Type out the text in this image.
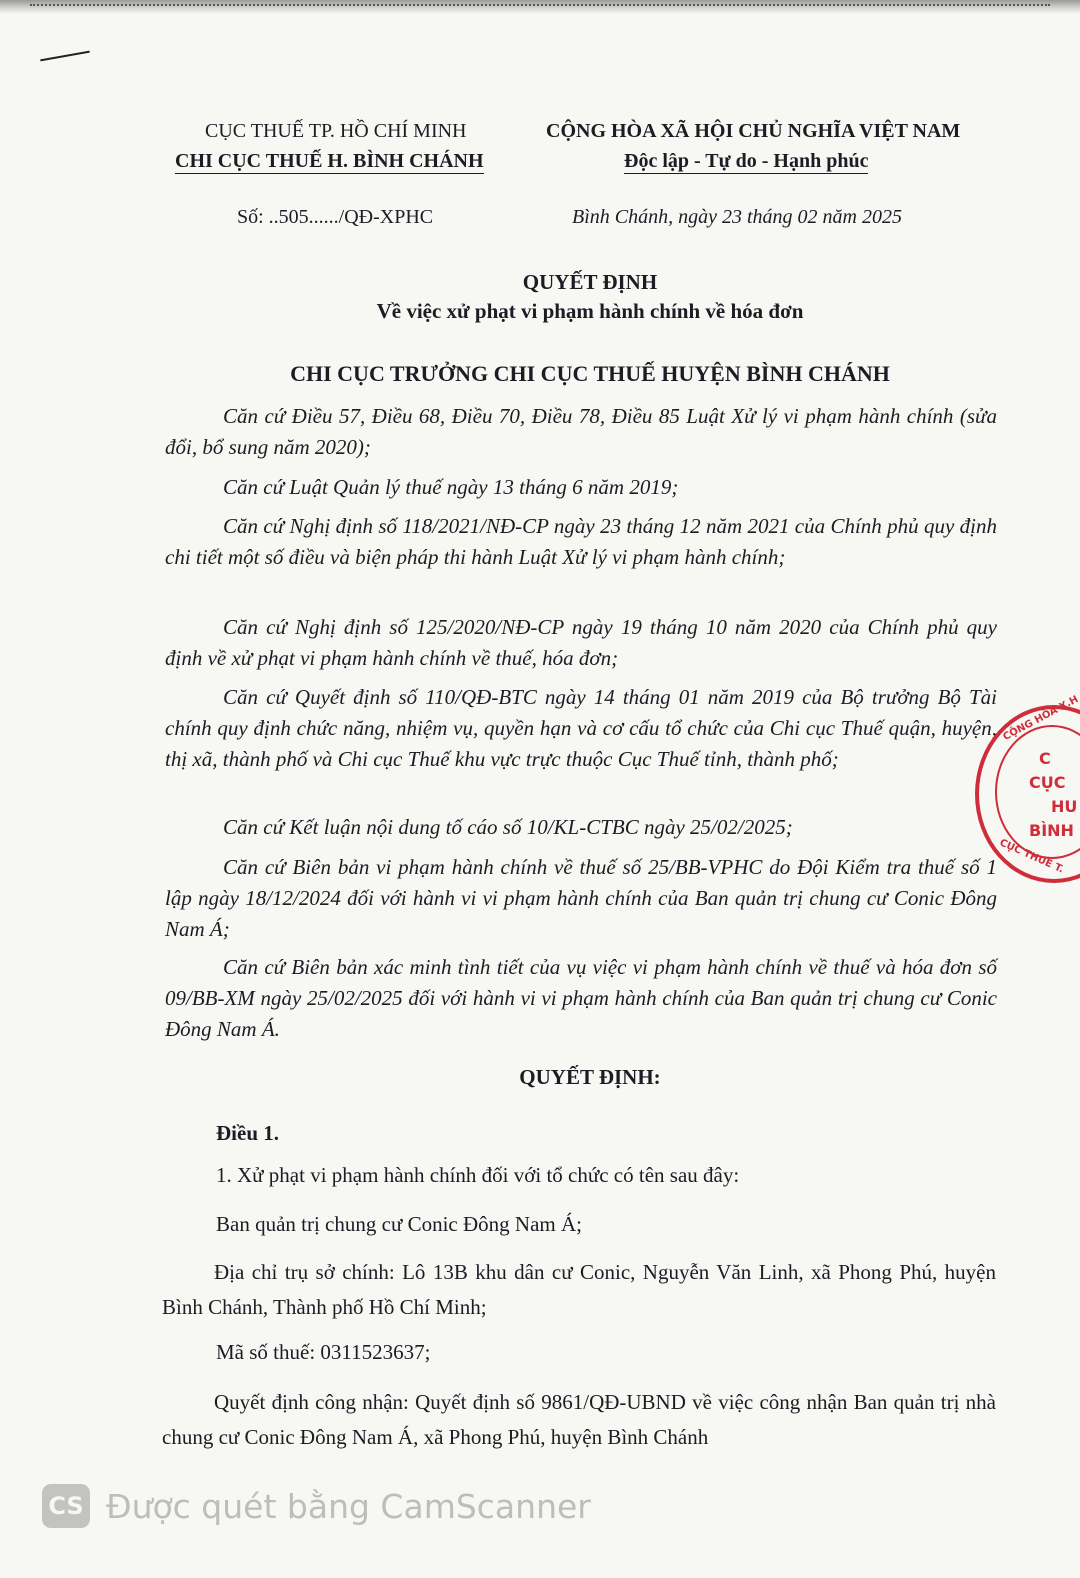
CỤC THUẾ TP. HỒ CHÍ MINH
CHI CỤC THUẾ H. BÌNH CHÁNH
CỘNG HÒA XÃ HỘI CHỦ NGHĨA VIỆT NAM
Độc lập - Tự do - Hạnh phúc
Số: ..505....../QĐ-XPHC	Bình Chánh, ngày 23 tháng 02 năm 2025
QUYẾT ĐỊNH
Về việc xử phạt vi phạm hành chính về hóa đơn
CHI CỤC TRƯỞNG CHI CỤC THUẾ HUYỆN BÌNH CHÁNH
Căn cứ Điều 57, Điều 68, Điều 70, Điều 78, Điều 85 Luật Xử lý vi phạm hành chính (sửa đổi, bổ sung năm 2020);
Căn cứ Luật Quản lý thuế ngày 13 tháng 6 năm 2019;
Căn cứ Nghị định số 118/2021/NĐ-CP ngày 23 tháng 12 năm 2021 của Chính phủ quy định chi tiết một số điều và biện pháp thi hành Luật Xử lý vi phạm hành chính;
Căn cứ Nghị định số 125/2020/NĐ-CP ngày 19 tháng 10 năm 2020 của Chính phủ quy định về xử phạt vi phạm hành chính về thuế, hóa đơn;
Căn cứ Quyết định số 110/QĐ-BTC ngày 14 tháng 01 năm 2019 của Bộ trưởng Bộ Tài chính quy định chức năng, nhiệm vụ, quyền hạn và cơ cấu tổ chức của Chi cục Thuế quận, huyện, thị xã, thành phố và Chi cục Thuế khu vực trực thuộc Cục Thuế tỉnh, thành phố;
Căn cứ Kết luận nội dung tố cáo số 10/KL-CTBC ngày 25/02/2025;
Căn cứ Biên bản vi phạm hành chính về thuế số 25/BB-VPHC do Đội Kiểm tra thuế số 1 lập ngày 18/12/2024 đối với hành vi vi phạm hành chính của Ban quản trị chung cư Conic Đông Nam Á;
Căn cứ Biên bản xác minh tình tiết của vụ việc vi phạm hành chính về thuế và hóa đơn số 09/BB-XM ngày 25/02/2025 đối với hành vi vi phạm hành chính của Ban quản trị chung cư Conic Đông Nam Á.
QUYẾT ĐỊNH:
Điều 1.
1. Xử phạt vi phạm hành chính đối với tổ chức có tên sau đây:
Ban quản trị chung cư Conic Đông Nam Á;
Địa chỉ trụ sở chính: Lô 13B khu dân cư Conic, Nguyễn Văn Linh, xã Phong Phú, huyện Bình Chánh, Thành phố Hồ Chí Minh;
Mã số thuế: 0311523637;
Quyết định công nhận: Quyết định số 9861/QĐ-UBND về việc công nhận Ban quản trị nhà chung cư Conic Đông Nam Á, xã Phong Phú, huyện Bình Chánh
CỘNG HÒA X.H
C
CỤC
HU
BÌNH
CỤC THUẾ T.
CS Được quét bằng CamScanner
